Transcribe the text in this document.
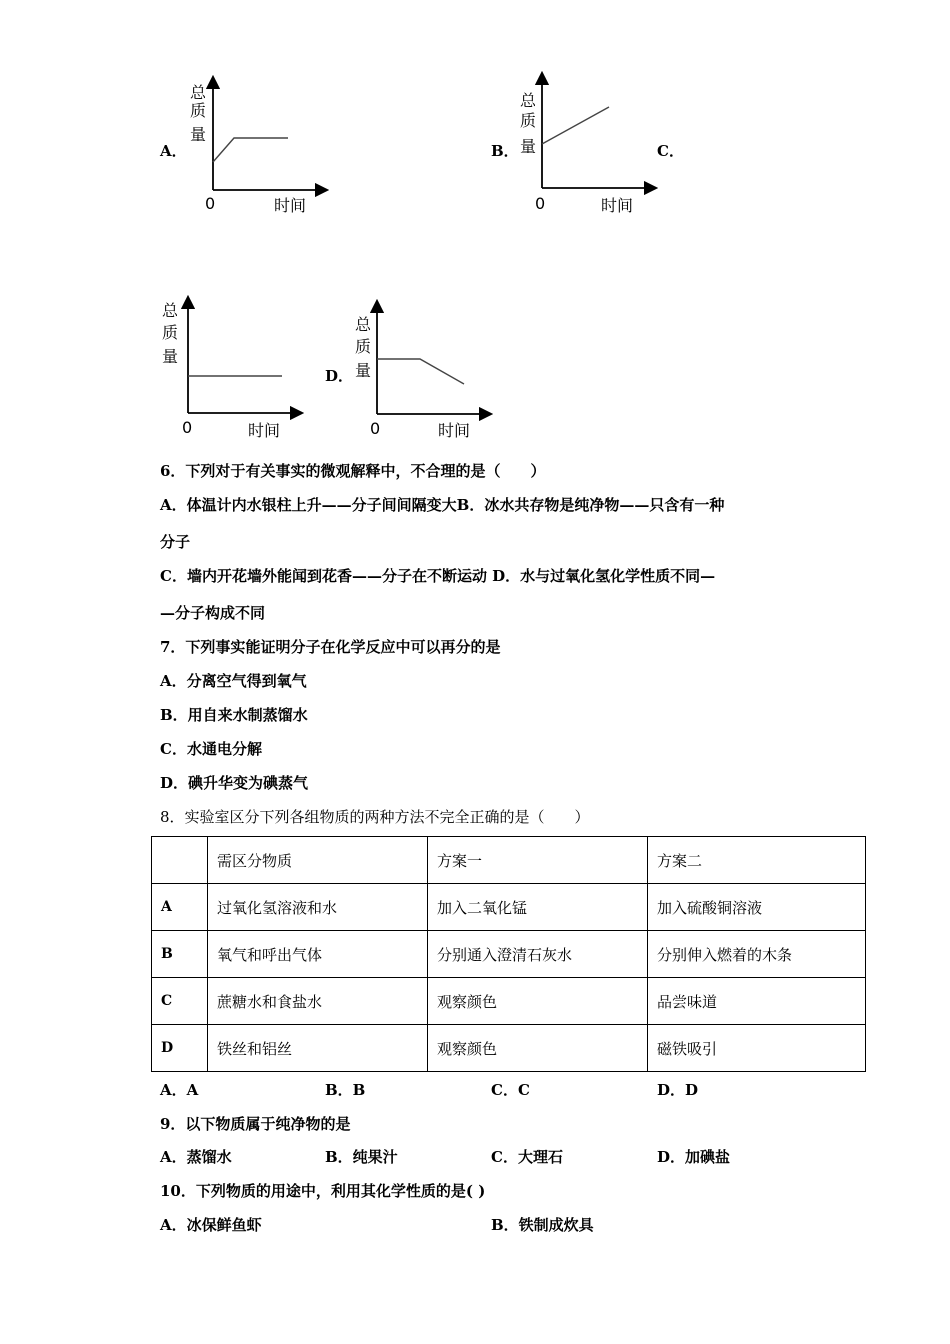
A．	B．	C．
D．
总
质
量
0	时间
总
质
量
0	时间
总
质
量
0	时间
总
质
量
0	时间
6．下列对于有关事实的微观解释中，不合理的是（　　）
A．体温计内水银柱上升——分子间间隔变大B．冰水共存物是纯净物——只含有一种
分子
C．墙内开花墙外能闻到花香——分子在不断运动 D．水与过氧化氢化学性质不同—
—分子构成不同
7．下列事实能证明分子在化学反应中可以再分的是
A．分离空气得到氧气
B．用自来水制蒸馏水
C．水通电分解
D．碘升华变为碘蒸气
8．实验室区分下列各组物质的两种方法不完全正确的是（　　）
	需区分物质	方案一	方案二
A	过氧化氢溶液和水	加入二氧化锰	加入硫酸铜溶液
B	氧气和呼出气体	分别通入澄清石灰水	分别伸入燃着的木条
C	蔗糖水和食盐水	观察颜色	品尝味道
D	铁丝和铝丝	观察颜色	磁铁吸引
A．A	B．B	C．C	D．D
9．以下物质属于纯净物的是
A．蒸馏水	B．纯果汁	C．大理石	D．加碘盐
10．下列物质的用途中，利用其化学性质的是( )
A．冰保鲜鱼虾	B．铁制成炊具
